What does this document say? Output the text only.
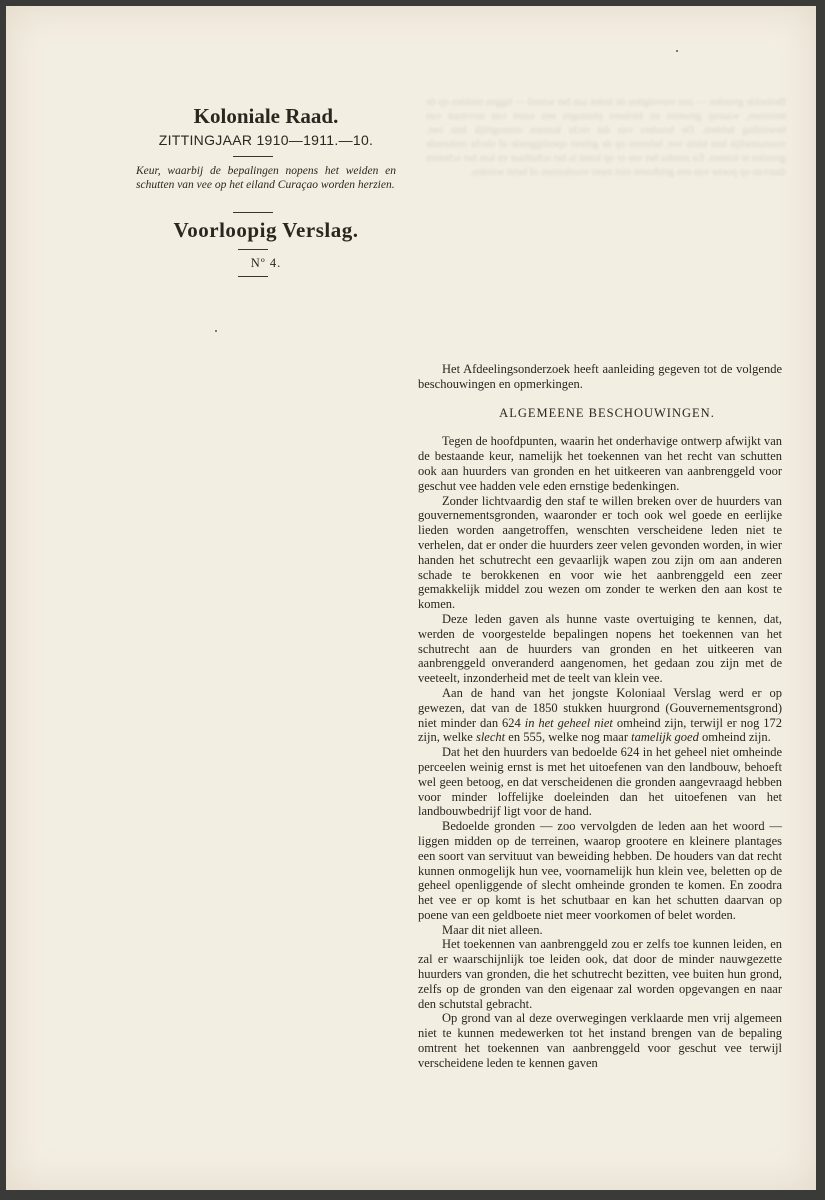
Bedoelde gronden — zoo vervolgden de leden aan het woord — liggen midden op de terreinen, waarop grootere en kleinere plantages een soort van servituut van beweiding hebben. De houders van dat recht kunnen onmogelijk hun vee, voornamelijk hun klein vee, beletten op de geheel openliggende of slecht omheinde gronden te komen. En zoodra het vee er op komt is het schutbaar en kan het schutten daarvan op poene van een geldboete niet meer voorkomen of belet worden.
Koloniale Raad.
ZITTINGJAAR 1910—1911.—10.
Keur, waarbij de bepalingen nopens het weiden en schutten van vee op het eiland Curaçao worden herzien.
Voorloopig Verslag.
Nº 4.

Het Afdeelingsonderzoek heeft aanleiding gegeven tot de volgende beschouwingen en opmerkingen.

ALGEMEENE BESCHOUWINGEN.

Tegen de hoofdpunten, waarin het onderhavige ontwerp afwijkt van de bestaande keur, namelijk het toekennen van het recht van schutten ook aan huurders van gronden en het uitkeeren van aanbrenggeld voor geschut vee hadden vele eden ernstige bedenkingen.

Zonder lichtvaardig den staf te willen breken over de huurders van gouvernementsgronden, waaronder er toch ook wel goede en eerlijke lieden worden aangetroffen, wenschten verscheidene leden niet te verhelen, dat er onder die huurders zeer velen gevonden worden, in wier handen het schutrecht een gevaarlijk wapen zou zijn om aan anderen schade te berokkenen en voor wie het aanbrenggeld een zeer gemakkelijk middel zou wezen om zonder te werken den aan kost te komen.

Deze leden gaven als hunne vaste overtuiging te kennen, dat, werden de voorgestelde bepalingen nopens het toekennen van het schutrecht aan de huurders van gronden en het uitkeeren van aanbrenggeld onveranderd aangenomen, het gedaan zou zijn met de veeteelt, inzonderheid met de teelt van klein vee.

Aan de hand van het jongste Koloniaal Verslag werd er op gewezen, dat van de 1850 stukken huurgrond (Gouvernementsgrond) niet minder dan 624 in het geheel niet omheind zijn, terwijl er nog 172 zijn, welke slecht en 555, welke nog maar tamelijk goed omheind zijn.

Dat het den huurders van bedoelde 624 in het geheel niet omheinde perceelen weinig ernst is met het uitoefenen van den landbouw, behoeft wel geen betoog, en dat verscheidenen die gronden aangevraagd hebben voor minder loffelijke doeleinden dan het uitoefenen van het landbouwbedrijf ligt voor de hand.

Bedoelde gronden — zoo vervolgden de leden aan het woord — liggen midden op de terreinen, waarop grootere en kleinere plantages een soort van servituut van beweiding hebben. De houders van dat recht kunnen onmogelijk hun vee, voornamelijk hun klein vee, beletten op de geheel openliggende of slecht omheinde gronden te komen. En zoodra het vee er op komt is het schutbaar en kan het schutten daarvan op poene van een geldboete niet meer voorkomen of belet worden.

Maar dit niet alleen.

Het toekennen van aanbrenggeld zou er zelfs toe kunnen leiden, en zal er waarschijnlijk toe leiden ook, dat door de minder nauwgezette huurders van gronden, die het schutrecht bezitten, vee buiten hun grond, zelfs op de gronden van den eigenaar zal worden opgevangen en naar den schutstal gebracht.

Op grond van al deze overwegingen verklaarde men vrij algemeen niet te kunnen medewerken tot het instand brengen van de bepaling omtrent het toekennen van aanbrenggeld voor geschut vee terwijl verscheidene leden te kennen gaven
